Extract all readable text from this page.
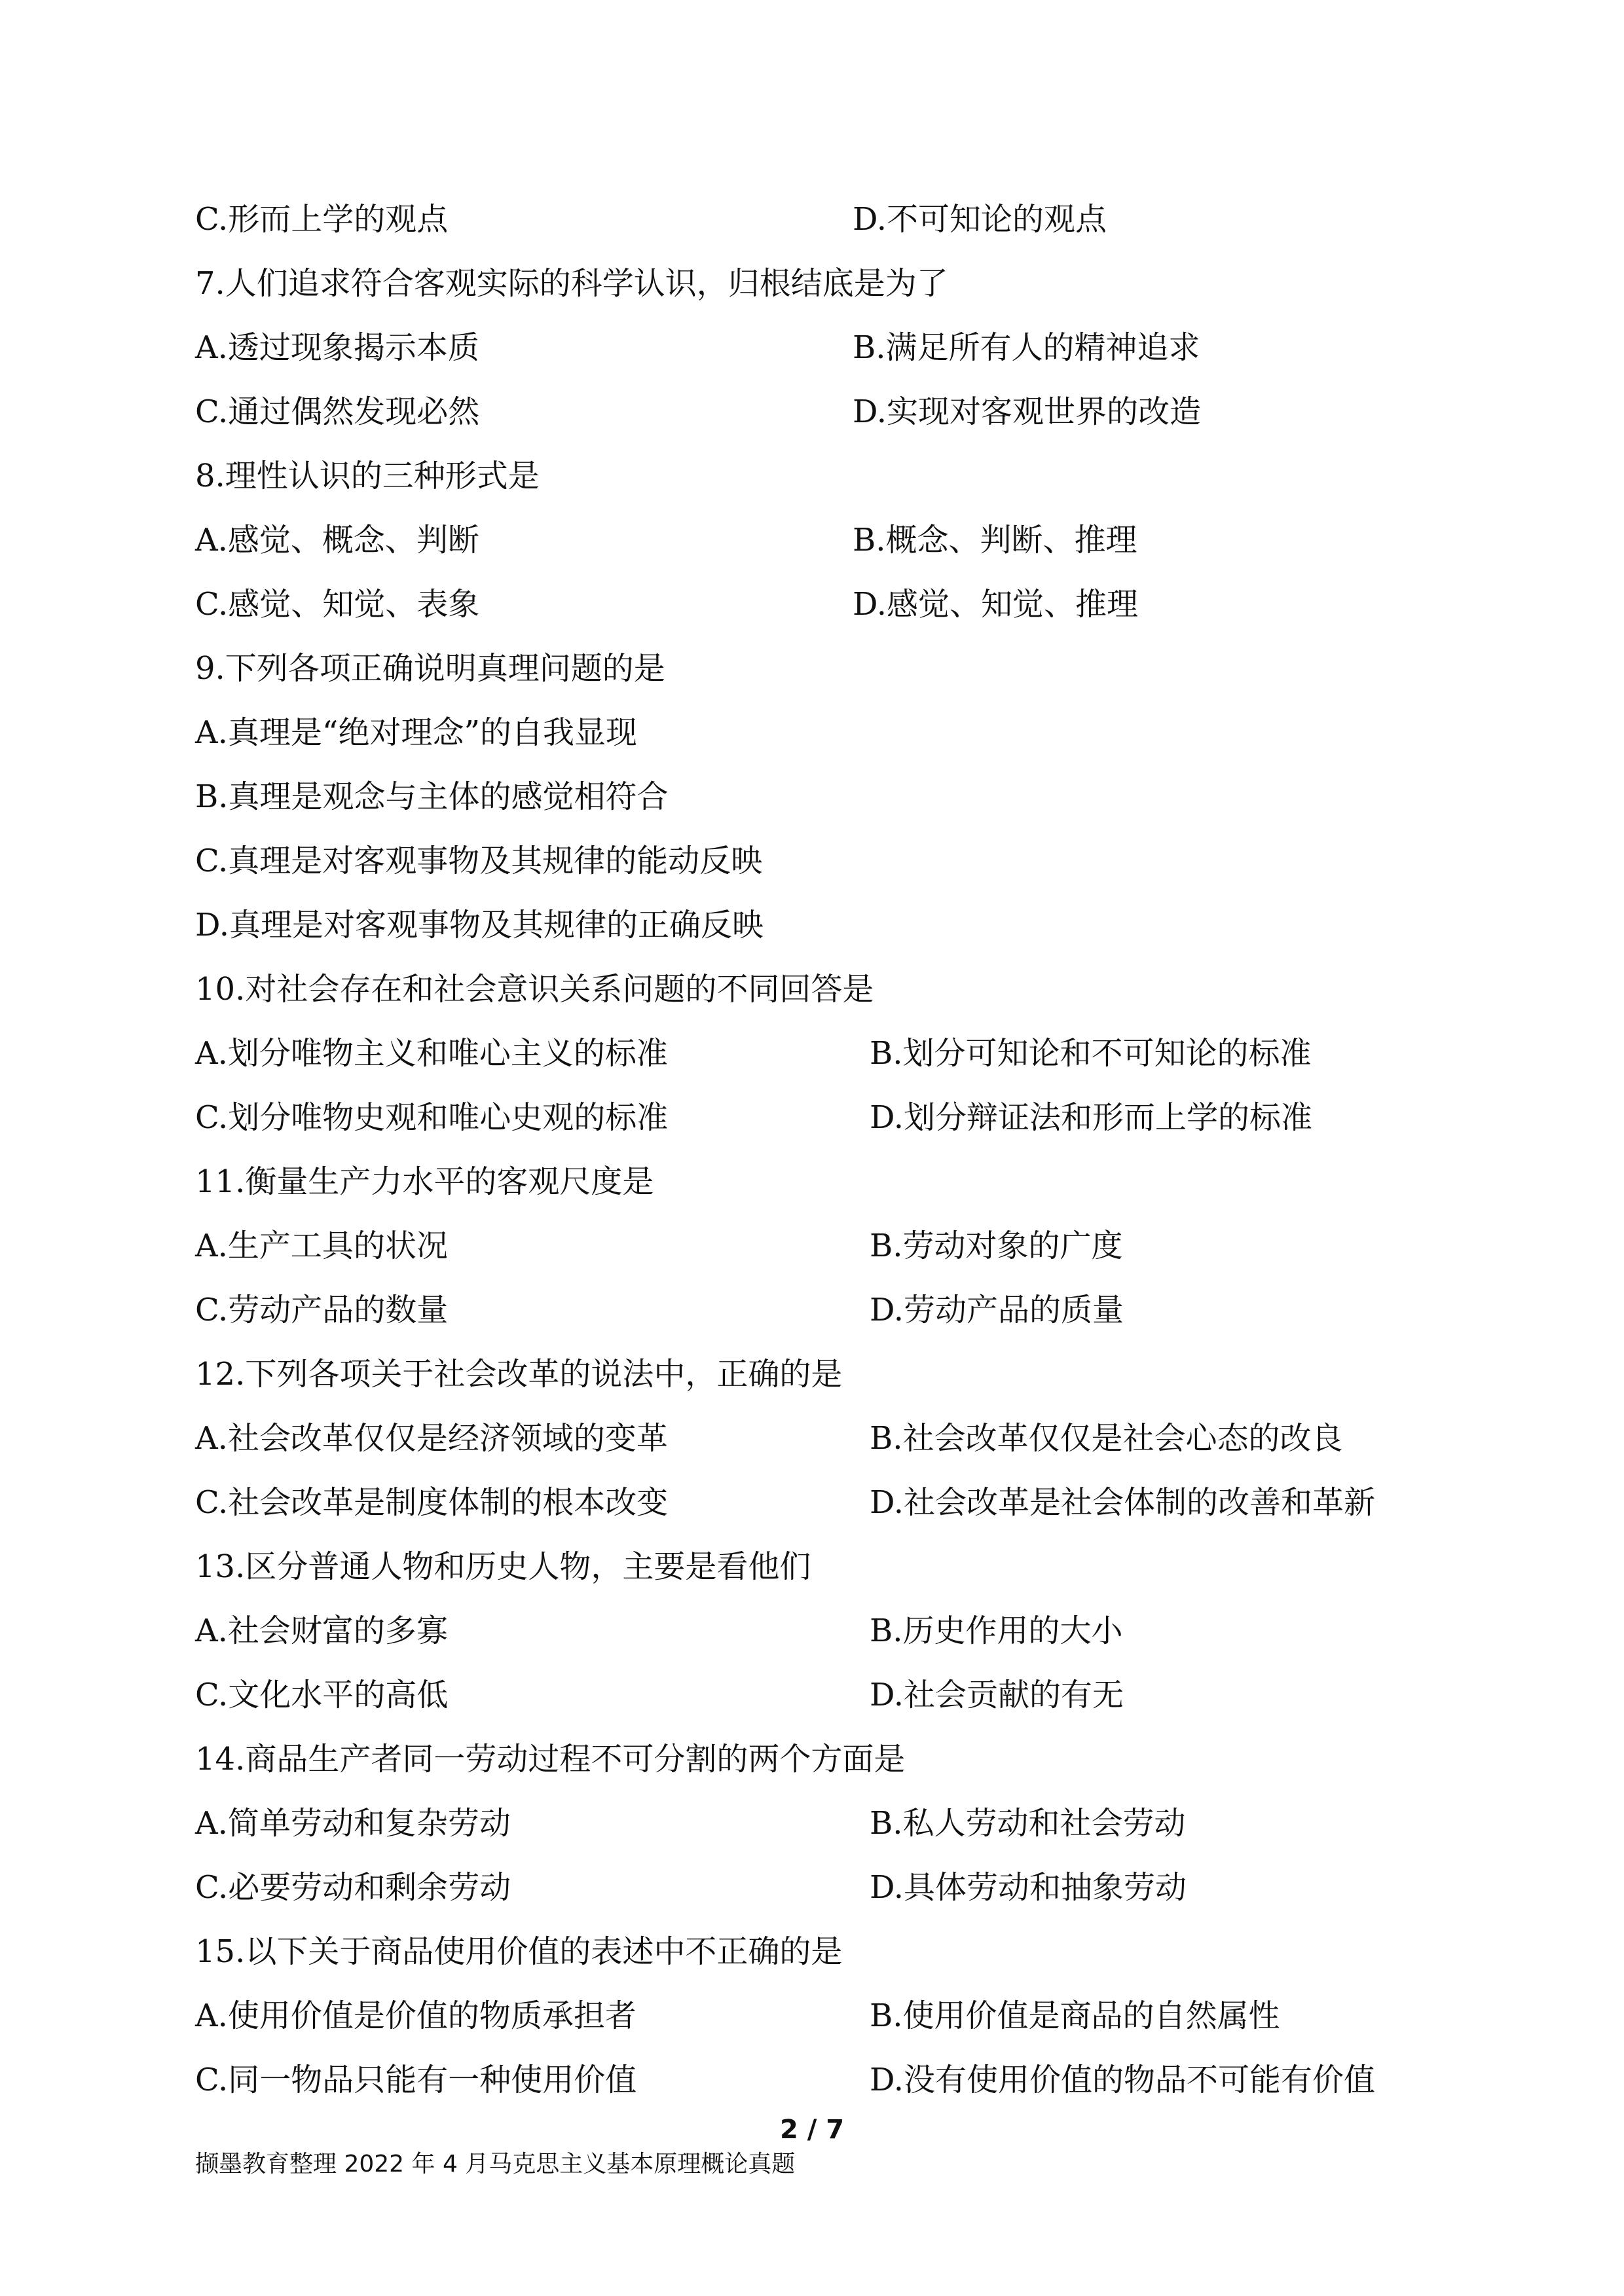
C.形而上学的观点	D.不可知论的观点
7.人们追求符合客观实际的科学认识，归根结底是为了
A.透过现象揭示本质	B.满足所有人的精神追求
C.通过偶然发现必然	D.实现对客观世界的改造
8.理性认识的三种形式是
A.感觉、概念、判断	B.概念、判断、推理
C.感觉、知觉、表象	D.感觉、知觉、推理
9.下列各项正确说明真理问题的是
A.真理是“绝对理念”的自我显现
B.真理是观念与主体的感觉相符合
C.真理是对客观事物及其规律的能动反映
D.真理是对客观事物及其规律的正确反映
10.对社会存在和社会意识关系问题的不同回答是
A.划分唯物主义和唯心主义的标准	B.划分可知论和不可知论的标准
C.划分唯物史观和唯心史观的标准	D.划分辩证法和形而上学的标准
11.衡量生产力水平的客观尺度是
A.生产工具的状况	B.劳动对象的广度
C.劳动产品的数量	D.劳动产品的质量
12.下列各项关于社会改革的说法中，正确的是
A.社会改革仅仅是经济领域的变革	B.社会改革仅仅是社会心态的改良
C.社会改革是制度体制的根本改变	D.社会改革是社会体制的改善和革新
13.区分普通人物和历史人物，主要是看他们
A.社会财富的多寡	B.历史作用的大小
C.文化水平的高低	D.社会贡献的有无
14.商品生产者同一劳动过程不可分割的两个方面是
A.简单劳动和复杂劳动	B.私人劳动和社会劳动
C.必要劳动和剩余劳动	D.具体劳动和抽象劳动
15.以下关于商品使用价值的表述中不正确的是
A.使用价值是价值的物质承担者	B.使用价值是商品的自然属性
C.同一物品只能有一种使用价值	D.没有使用价值的物品不可能有价值
2 / 7
撷墨教育整理 2022 年 4 月马克思主义基本原理概论真题
